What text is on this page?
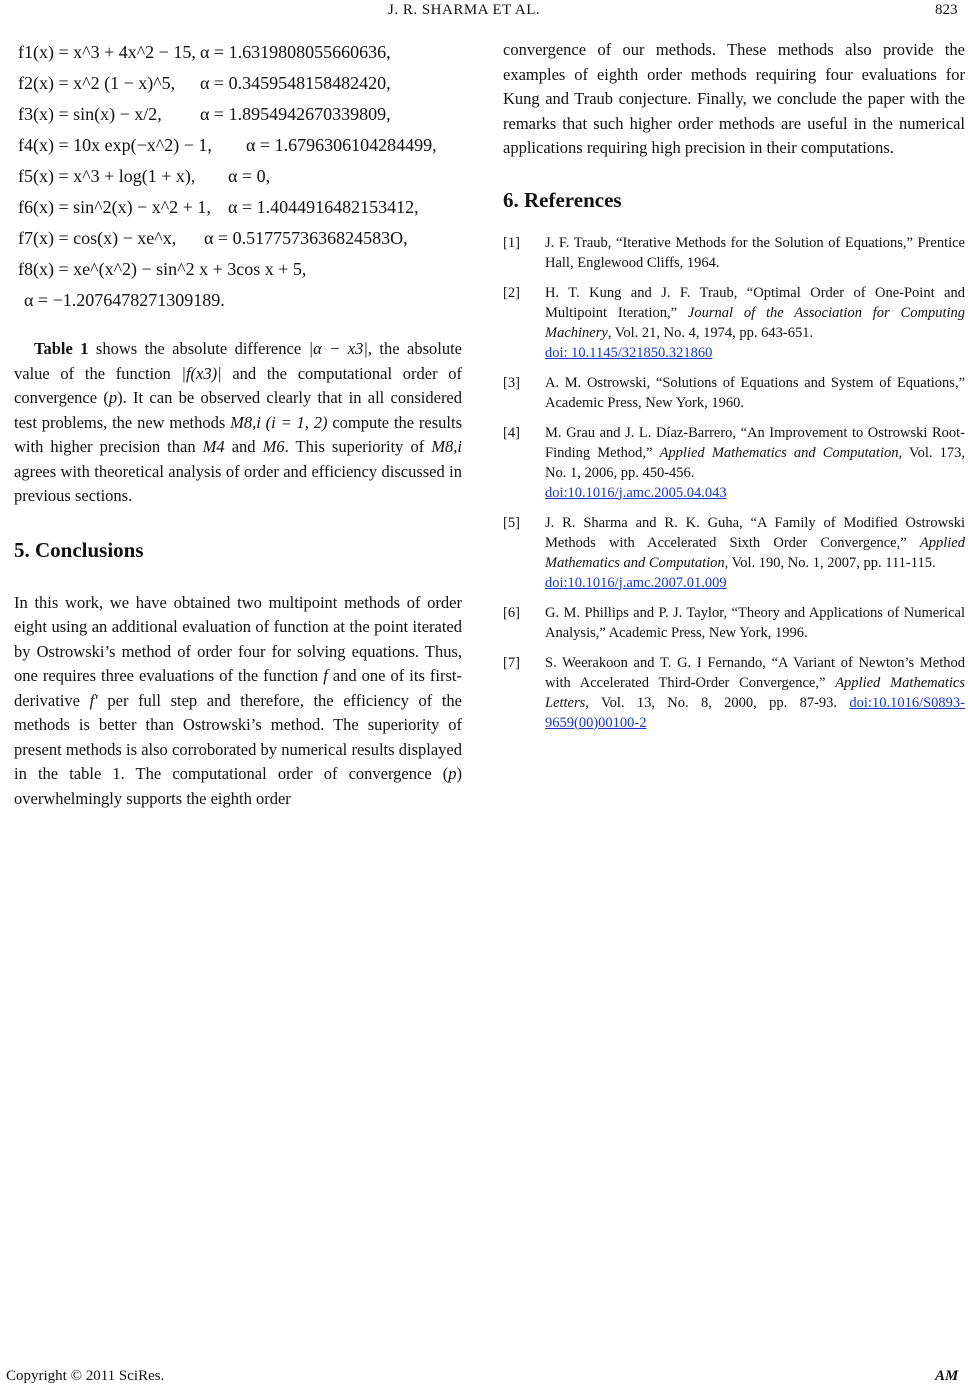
J. R. SHARMA ET AL.	823
f1(x) = x^3 + 4x^2 − 15, α = 1.6319808055660636,
f2(x) = x^2 (1 − x)^5, α = 0.3459548158482420,
f3(x) = sin(x) − x/2, α = 1.8954942670339809,
f4(x) = 10x exp(−x^2) − 1, α = 1.6796306104284499,
f5(x) = x^3 + log(1 + x), α = 0,
f6(x) = sin^2(x) − x^2 + 1, α = 1.4044916482153412,
f7(x) = cos(x) − xe^x, α = 0.5177573636824583O,
f8(x) = xe^(x^2) − sin^2 x + 3cos x + 5,
α = −1.2076478271309189.

Table 1 shows the absolute difference |α − x3|, the absolute value of the function |f(x3)| and the computational order of convergence (p). It can be observed clearly that in all considered test problems, the new methods M8,i (i = 1, 2) compute the results with higher precision than M4 and M6. This superiority of M8,i agrees with theoretical analysis of order and efficiency discussed in previous sections.

5. Conclusions

In this work, we have obtained two multipoint methods of order eight using an additional evaluation of function at the point iterated by Ostrowski’s method of order four for solving equations. Thus, one requires three evaluations of the function f and one of its first-derivative f′ per full step and therefore, the efficiency of the methods is better than Ostrowski’s method. The superiority of present methods is also corroborated by numerical results displayed in the table 1. The computational order of convergence (p) overwhelmingly supports the eighth order

convergence of our methods. These methods also provide the examples of eighth order methods requiring four evaluations for Kung and Traub conjecture. Finally, we conclude the paper with the remarks that such higher order methods are useful in the numerical applications requiring high precision in their computations.

6. References
[1] J. F. Traub, “Iterative Methods for the Solution of Equations,” Prentice Hall, Englewood Cliffs, 1964.
[2] H. T. Kung and J. F. Traub, “Optimal Order of One-Point and Multipoint Iteration,” Journal of the Association for Computing Machinery, Vol. 21, No. 4, 1974, pp. 643-651.
doi: 10.1145/321850.321860
[3] A. M. Ostrowski, “Solutions of Equations and System of Equations,” Academic Press, New York, 1960.
[4] M. Grau and J. L. Díaz-Barrero, “An Improvement to Ostrowski Root-Finding Method,” Applied Mathematics and Computation, Vol. 173, No. 1, 2006, pp. 450-456.
doi:10.1016/j.amc.2005.04.043
[5] J. R. Sharma and R. K. Guha, “A Family of Modified Ostrowski Methods with Accelerated Sixth Order Convergence,” Applied Mathematics and Computation, Vol. 190, No. 1, 2007, pp. 111-115.
doi:10.1016/j.amc.2007.01.009
[6] G. M. Phillips and P. J. Taylor, “Theory and Applications of Numerical Analysis,” Academic Press, New York, 1996.
[7] S. Weerakoon and T. G. I Fernando, “A Variant of Newton’s Method with Accelerated Third-Order Convergence,” Applied Mathematics Letters, Vol. 13, No. 8, 2000, pp. 87-93. doi:10.1016/S0893-9659(00)00100-2
Copyright © 2011 SciRes.	AM
